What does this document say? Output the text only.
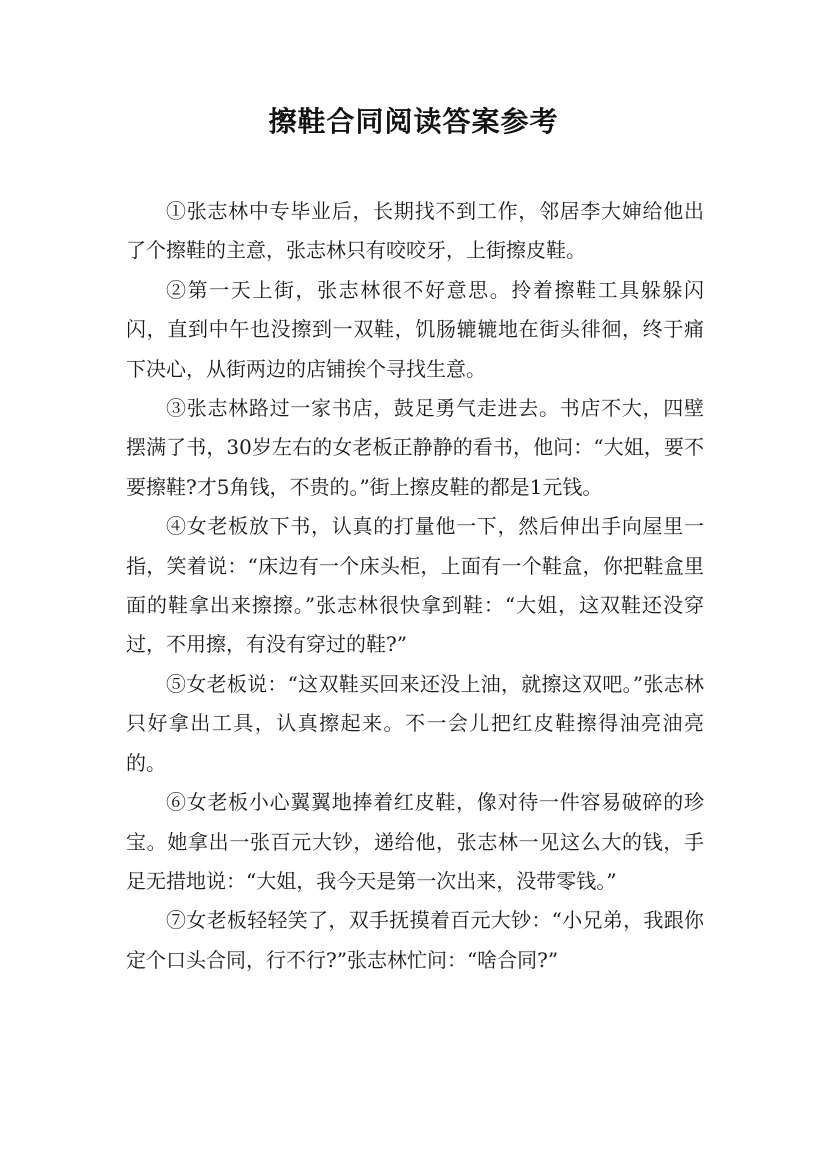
擦鞋合同阅读答案参考

①张志林中专毕业后，长期找不到工作，邻居李大婶给他出了个擦鞋的主意，张志林只有咬咬牙，上街擦皮鞋。

②第一天上街，张志林很不好意思。拎着擦鞋工具躲躲闪闪，直到中午也没擦到一双鞋，饥肠辘辘地在街头徘徊，终于痛下决心，从街两边的店铺挨个寻找生意。

③张志林路过一家书店，鼓足勇气走进去。书店不大，四壁摆满了书，30岁左右的女老板正静静的看书，他问：“大姐，要不要擦鞋?才5角钱，不贵的。”街上擦皮鞋的都是1元钱。

④女老板放下书，认真的打量他一下，然后伸出手向屋里一指，笑着说：“床边有一个床头柜，上面有一个鞋盒，你把鞋盒里面的鞋拿出来擦擦。”张志林很快拿到鞋：“大姐，这双鞋还没穿过，不用擦，有没有穿过的鞋?”

⑤女老板说：“这双鞋买回来还没上油，就擦这双吧。”张志林只好拿出工具，认真擦起来。不一会儿把红皮鞋擦得油亮油亮的。

⑥女老板小心翼翼地捧着红皮鞋，像对待一件容易破碎的珍宝。她拿出一张百元大钞，递给他，张志林一见这么大的钱，手足无措地说：“大姐，我今天是第一次出来，没带零钱。”

⑦女老板轻轻笑了，双手抚摸着百元大钞：“小兄弟，我跟你定个口头合同，行不行?”张志林忙问：“啥合同?”
